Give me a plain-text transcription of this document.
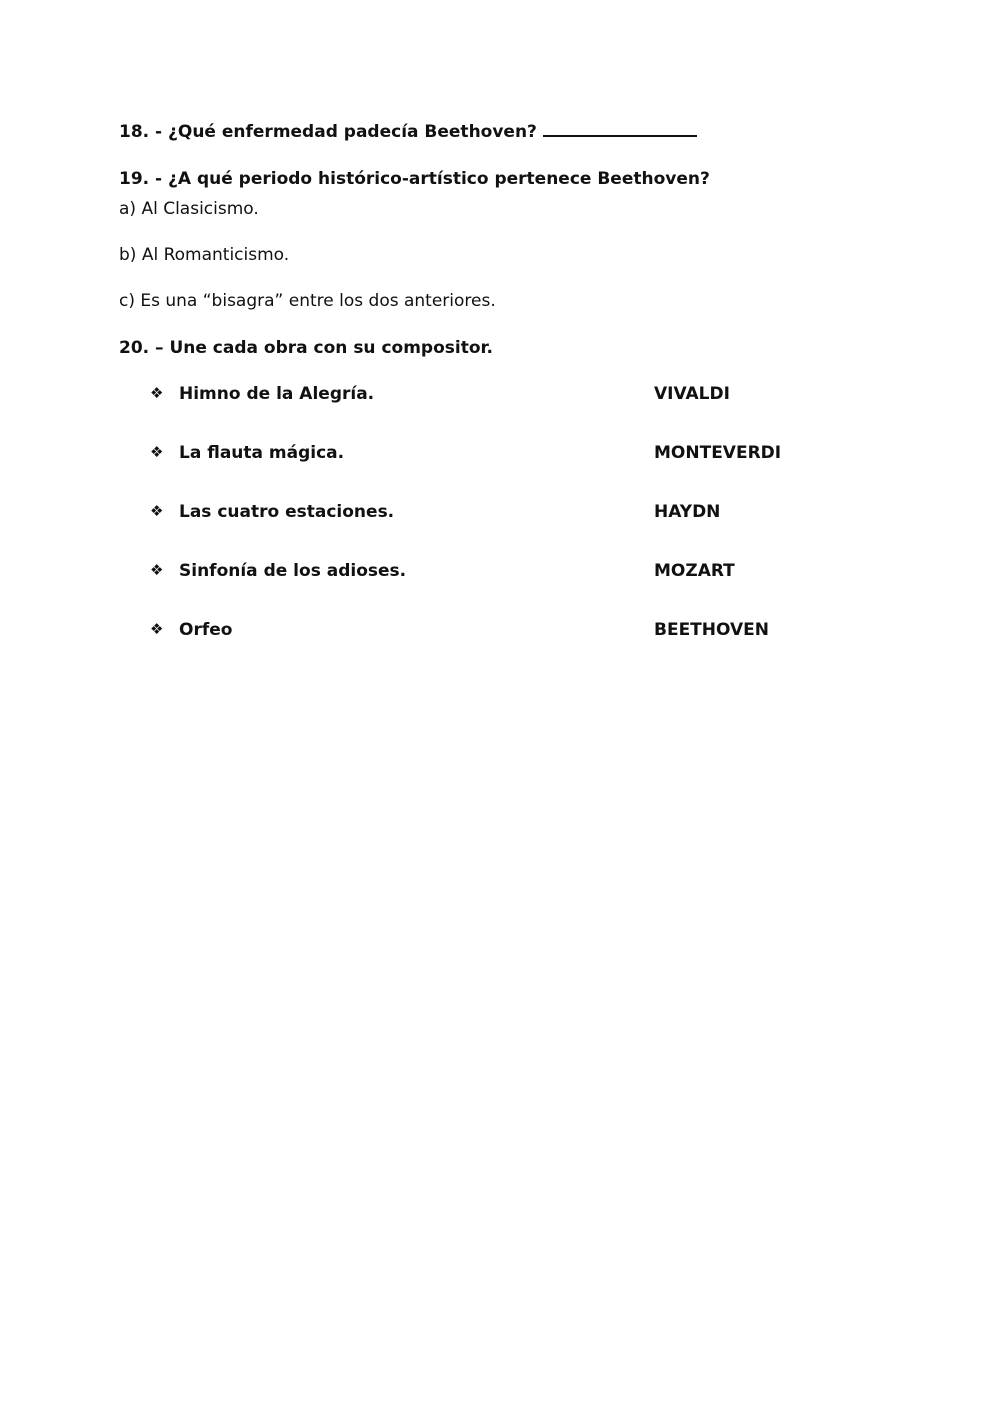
18. - ¿Qué enfermedad padecía Beethoven?
19. - ¿A qué periodo histórico-artístico pertenece Beethoven?
a) Al Clasicismo.
b) Al Romanticismo.
c) Es una “bisagra” entre los dos anteriores.
20. – Une cada obra con su compositor.
❖ Himno de la Alegría.	VIVALDI
❖ La flauta mágica.	MONTEVERDI
❖ Las cuatro estaciones.	HAYDN
❖ Sinfonía de los adioses.	MOZART
❖ Orfeo	BEETHOVEN
